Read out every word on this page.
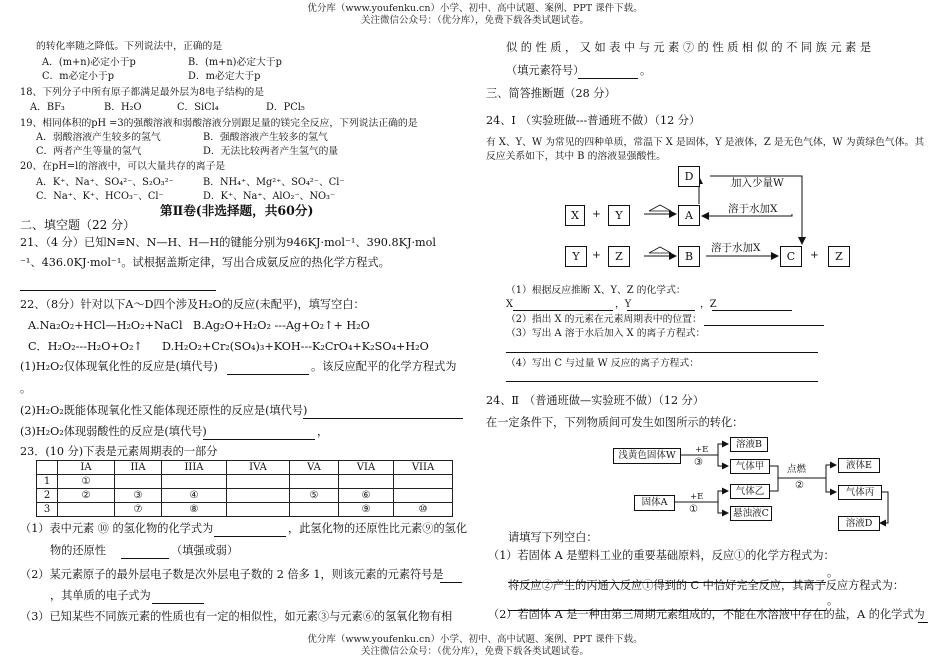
优分库（www.youfenku.cn）小学、初中、高中试题、案例、PPT 课件下载。
关注微信公众号：（优分库），免费下载各类试题试卷。
的转化率随之降低。下列说法中，正确的是
A．(m+n)必定小于p	B．(m+n)必定大于p
C．m必定小于p	D．m必定大于p
18、下列分子中所有原子都满足最外层为8电子结构的是
A．BF₃	B．H₂O	C．SiCl₄	D．PCl₅
19、相同体积的pH =3的强酸溶液和弱酸溶液分别跟足量的镁完全反应，下列说法正确的是
A．弱酸溶液产生较多的氢气	B．强酸溶液产生较多的氢气
C．两者产生等量的氢气	D．无法比较两者产生氢气的量
20、在pH=l的溶液中，可以大量共存的离子是
A．K⁺、Na⁺、SO₄²⁻、S₂O₃²⁻	B．NH₄⁺、Mg²⁺、SO₄²⁻、Cl⁻
C．Na⁺、K⁺、HCO₃⁻、Cl⁻	D．K⁺、Na⁺、AlO₂⁻、NO₃⁻
第Ⅱ卷(非选择题，共60分)
二、填空题（22 分）
21、（4 分）已知N≡N、N—H、H—H的键能分别为946KJ·mol⁻¹、390.8KJ·mol
⁻¹、436.0KJ·mol⁻¹。试根据盖斯定律，写出合成氨反应的热化学方程式。
22、（8分）针对以下A～D四个涉及H₂O的反应(未配平)，填写空白：
A.Na₂O₂+HCl—H₂O₂+NaCl B.Ag₂O+H₂O₂ ---Ag+O₂↑+ H₂O
C．H₂O₂---H₂O+O₂↑ D.H₂O₂+Cr₂(SO₄)₃+KOH---K₂CrO₄+K₂SO₄+H₂O
(1)H₂O₂仅体现氧化性的反应是(填代号)	。该反应配平的化学方程式为
。
(2)H₂O₂既能体现氧化性又能体现还原性的反应是(填代号)
(3)H₂O₂体现弱酸性的反应是(填代号)	，
23．(10 分)下表是元素周期表的一部分
	IA	IIA	IIIA	IVA	VA	VIA	VIIA
1	①						
2	②	③	④		⑤	⑥	
3		⑦	⑧			⑨	⑩
（1）表中元素 ⑩ 的氢化物的化学式为	，此氢化物的还原性比元素⑨的氢化
物的还原性	（填强或弱）
（2）某元素原子的最外层电子数是次外层电子数的 2 倍多 1，则该元素的元素符号是
，其单质的电子式为
（3）已知某些不同族元素的性质也有一定的相似性，如元素③与元素⑥的氢氧化物有相
似 的 性 质 ， 又 如 表 中 与 元 素 ⑦ 的 性 质 相 似 的 不 同 族 元 素 是
（填元素符号）	。
三、简答推断题（28 分）
24、Ⅰ （实验班做---普通班不做）（12 分）
有 X、Y、W 为常见的四种单质，常温下 X 是固体，Y 是液体，Z 是无色气体，W 为黄绿色气体。其
反应关系如下，其中 B 的溶液显强酸性。
X	+	Y	A
D	加入少量W
溶于水加X
Y	+	Z	B
溶于水加X
C	+	Z
（1）根据反应推断 X、Y、Z 的化学式：
X	，Y	，Z
（2）指出 X 的元素在元素周期表中的位置：
（3）写出 A 溶于水后加入 X 的离子方程式：
（4）写出 C 与过量 W 反应的离子方程式：
24、Ⅱ （普通班做—实验班不做）（12 分）
在一定条件下，下列物质间可发生如图所示的转化：
浅黄色固体W	+E
③
溶液B
气体甲
固体A	+E
①
气体乙
悬浊液C
点燃
②
液体E
气体丙
溶液D
请填写下列空白：
（1）若固体 A 是塑料工业的重要基础原料，反应①的化学方程式为：
。
将反应②产生的丙通入反应①得到的 C 中恰好完全反应，其离子反应方程式为：
。
（2）若固体 A 是一种由第三周期元素组成的，不能在水溶液中存在的盐，A 的化学式为
优分库（www.youfenku.cn）小学、初中、高中试题、案例、PPT 课件下载。
关注微信公众号：（优分库），免费下载各类试题试卷。
